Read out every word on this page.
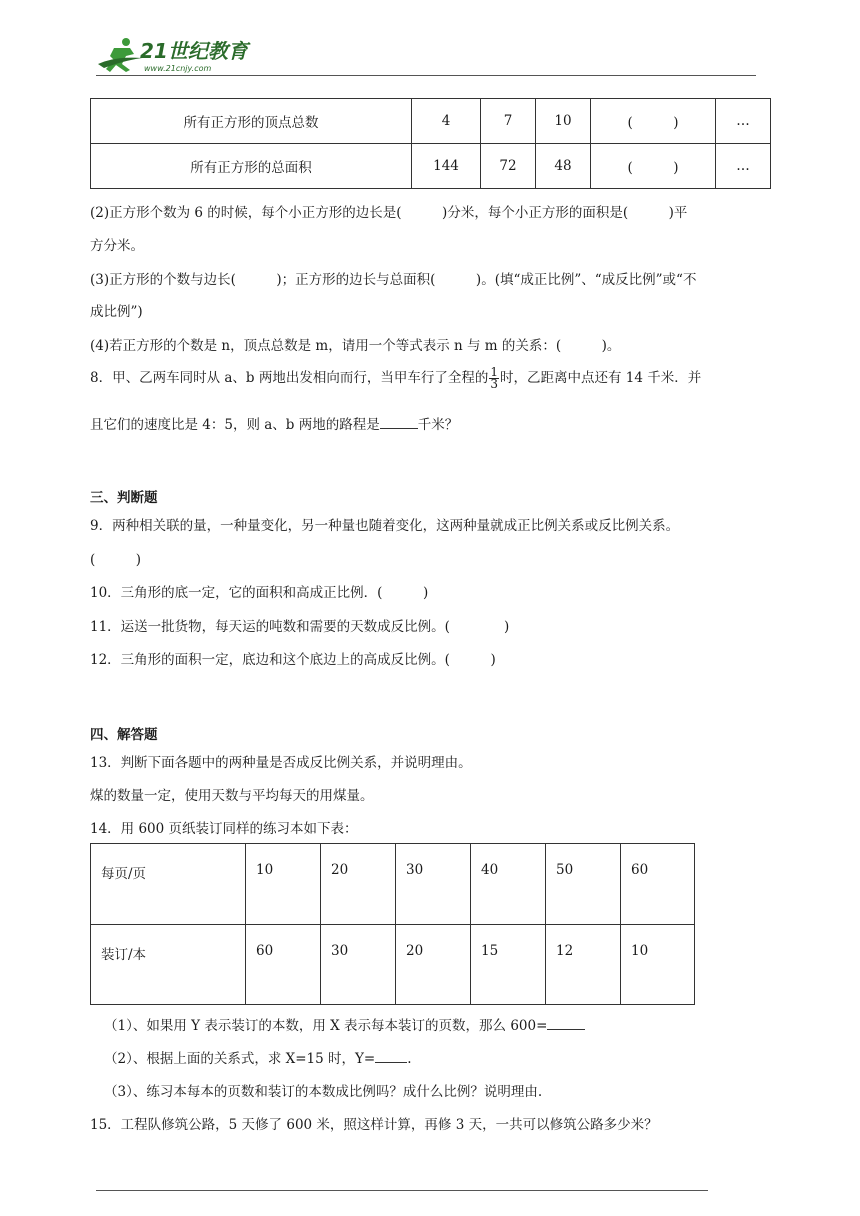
21世纪教育
www.21cnjy.com
所有正方形的顶点总数	4	7	10	(　　　)	…
所有正方形的总面积	144	72	48	(　　　)	…
(2)正方形个数为 6 的时候，每个小正方形的边长是(　　　)分米，每个小正方形的面积是(　　　)平
方分米。
(3)正方形的个数与边长(　　　)；正方形的边长与总面积(　　　)。(填“成正比例”、“成反比例”或“不
成比例”)
(4)若正方形的个数是 n，顶点总数是 m，请用一个等式表示 n 与 m 的关系：(　　　)。
8．甲、乙两车同时从 a、b 两地出发相向而行，当甲车行了全程的 $\frac{1}{3}$ 时，乙距离中点还有 14 千米．并
且它们的速度比是 4：5，则 a、b 两地的路程是	千米？
三、判断题
9．两种相关联的量，一种量变化，另一种量也随着变化，这两种量就成正比例关系或反比例关系。
(　　　)
10．三角形的底一定，它的面积和高成正比例．(　　　)
11．运送一批货物，每天运的吨数和需要的天数成反比例。(　　　　)
12．三角形的面积一定，底边和这个底边上的高成反比例。(　　　)
四、解答题
13．判断下面各题中的两种量是否成反比例关系，并说明理由。
煤的数量一定，使用天数与平均每天的用煤量。
14．用 600 页纸装订同样的练习本如下表：
每页/页	10	20	30	40	50	60
装订/本	60	30	20	15	12	10
（1）、如果用 Y 表示装订的本数，用 X 表示每本装订的页数，那么 600=
（2）、根据上面的关系式，求 X=15 时，Y= .
（3）、练习本每本的页数和装订的本数成比例吗？成什么比例？说明理由.
15．工程队修筑公路，5 天修了 600 米，照这样计算，再修 3 天，一共可以修筑公路多少米？
